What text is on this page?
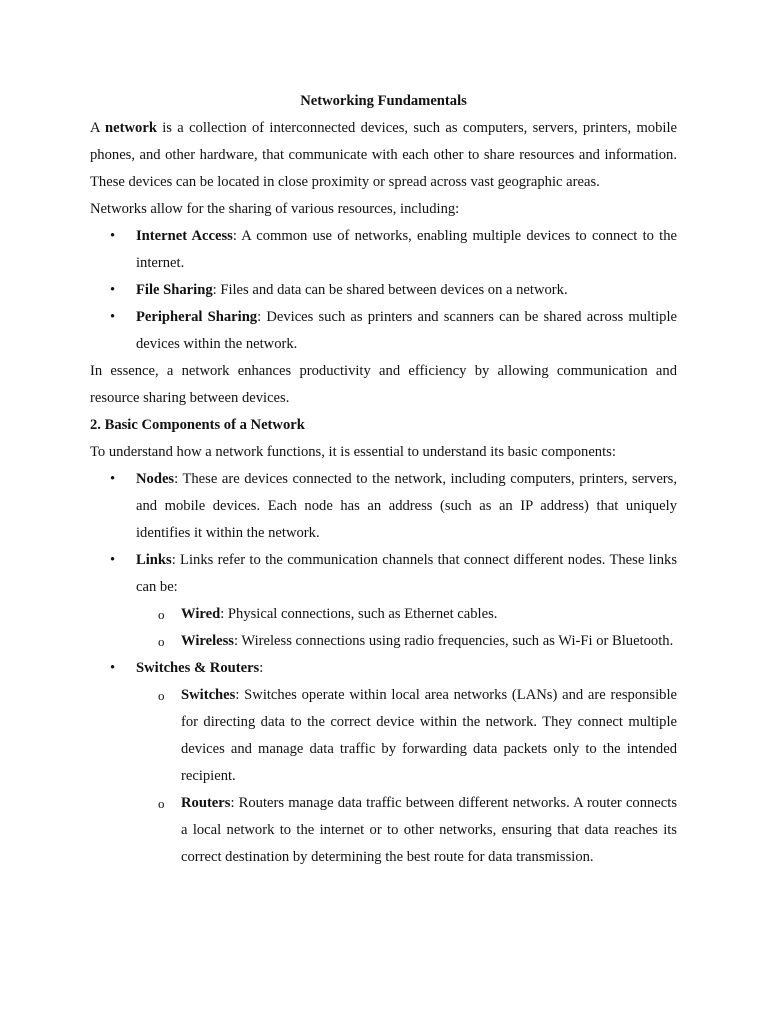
Networking Fundamentals

A network is a collection of interconnected devices, such as computers, servers, printers, mobile phones, and other hardware, that communicate with each other to share resources and information. These devices can be located in close proximity or spread across vast geographic areas.

Networks allow for the sharing of various resources, including:

• Internet Access: A common use of networks, enabling multiple devices to connect to the internet.
• File Sharing: Files and data can be shared between devices on a network.
• Peripheral Sharing: Devices such as printers and scanners can be shared across multiple devices within the network.

In essence, a network enhances productivity and efficiency by allowing communication and resource sharing between devices.

2. Basic Components of a Network

To understand how a network functions, it is essential to understand its basic components:

• Nodes: These are devices connected to the network, including computers, printers, servers, and mobile devices. Each node has an address (such as an IP address) that uniquely identifies it within the network.
• Links: Links refer to the communication channels that connect different nodes. These links can be:
o Wired: Physical connections, such as Ethernet cables.
o Wireless: Wireless connections using radio frequencies, such as Wi-Fi or Bluetooth.
• Switches & Routers:
o Switches: Switches operate within local area networks (LANs) and are responsible for directing data to the correct device within the network. They connect multiple devices and manage data traffic by forwarding data packets only to the intended recipient.
o Routers: Routers manage data traffic between different networks. A router connects a local network to the internet or to other networks, ensuring that data reaches its correct destination by determining the best route for data transmission.
